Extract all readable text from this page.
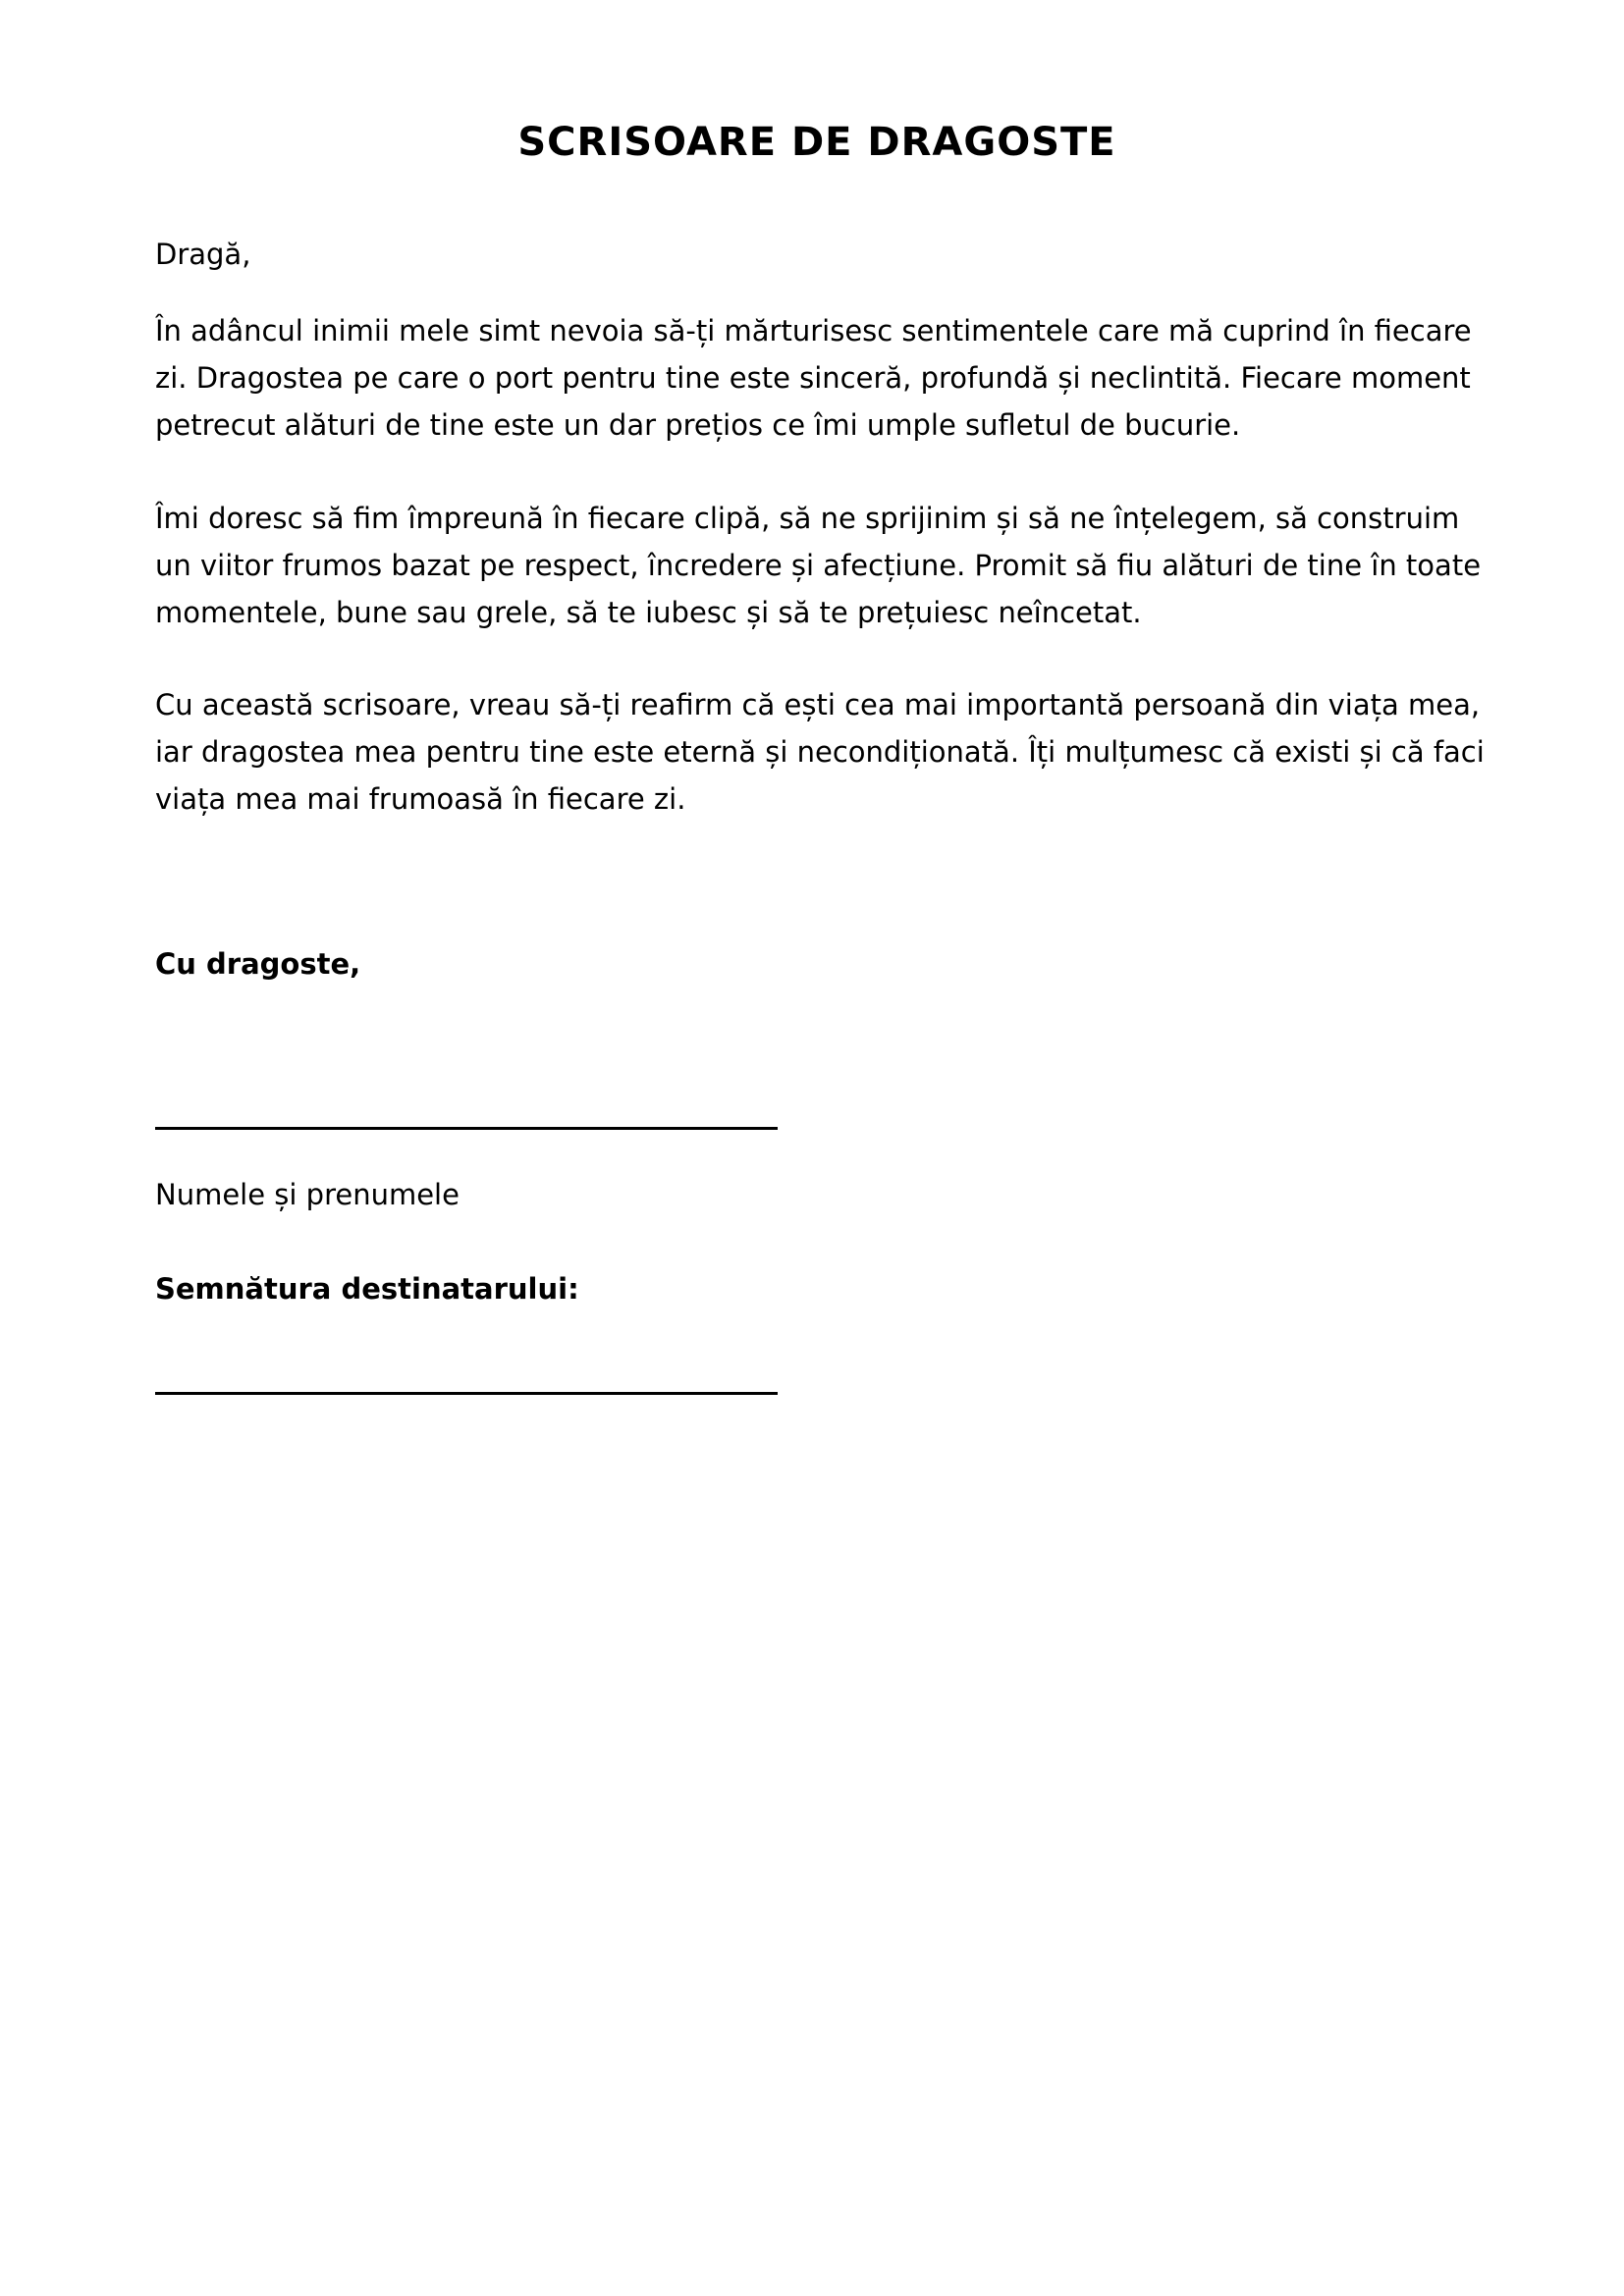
SCRISOARE DE DRAGOSTE

Dragă,

În adâncul inimii mele simt nevoia să-ți mărturisesc sentimentele care mă cuprind în fiecare zi. Dragostea pe care o port pentru tine este sinceră, profundă și neclintită. Fiecare moment petrecut alături de tine este un dar prețios ce îmi umple sufletul de bucurie.

Îmi doresc să fim împreună în fiecare clipă, să ne sprijinim și să ne înțelegem, să construim un viitor frumos bazat pe respect, încredere și afecțiune. Promit să fiu alături de tine în toate momentele, bune sau grele, să te iubesc și să te prețuiesc neîncetat.

Cu această scrisoare, vreau să-ți reafirm că ești cea mai importantă persoană din viața mea, iar dragostea mea pentru tine este eternă și necondiționată. Îți mulțumesc că existi și că faci viața mea mai frumoasă în fiecare zi.

Cu dragoste,
Numele și prenumele
Semnătura destinatarului:
